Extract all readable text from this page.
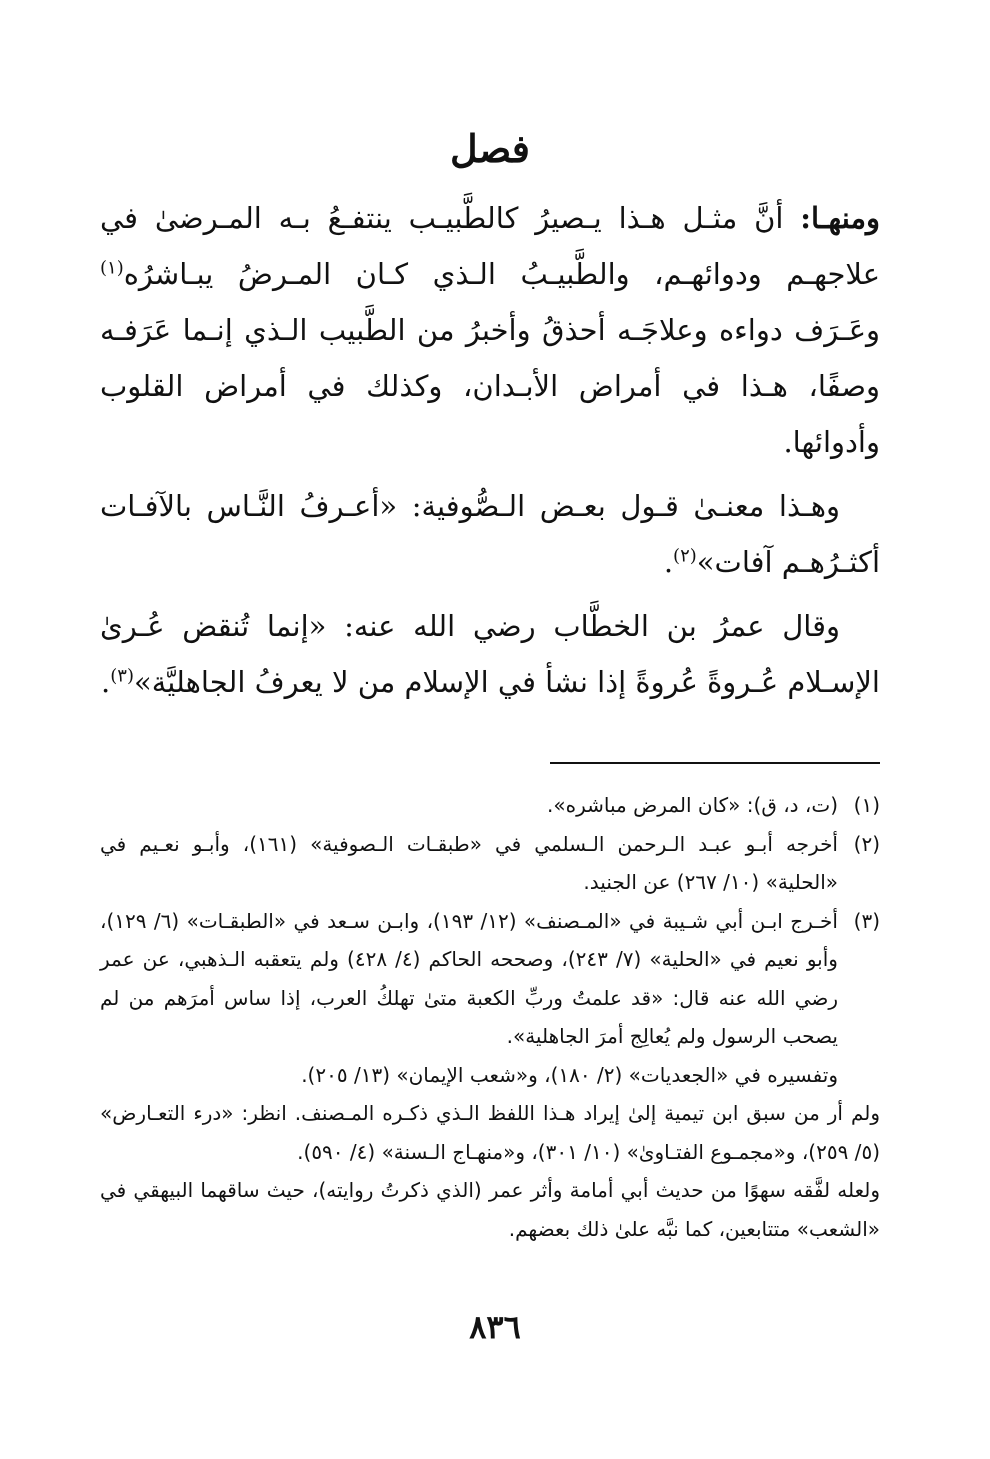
فصل

ومنهـا: أنَّ مثـل هـذا يـصيرُ كالطَّبيـب ينتفـعُ بـه المـرضىٰ في علاجهـم ودوائهـم، والطَّبيـبُ الـذي كـان المـرضُ يبـاشرُه$^{(١)}$ وعَـرَف دواءه وعلاجَـه أحذقُ وأخبرُ من الطَّبيب الـذي إنـما عَرَفـه وصفًا، هـذا في أمراض الأبـدان، وكذلك في أمراض القلوب وأدوائها.

وهـذا معنـىٰ قـول بعـض الـصُّوفية: «أعـرفُ النَّـاس بالآفـات أكثـرُهـم آفات»$^{(٢)}$.

وقال عمرُ بن الخطَّاب رضي الله عنه: «إنما تُنقض عُـرىٰ الإسـلام عُـروةً عُروةً إذا نشأ في الإسلام من لا يعرفُ الجاهليَّة»$^{(٣)}$.

(١)
(ت، د، ق): «كان المرض مباشره».
(٢)
أخرجه أبـو عبـد الـرحمن الـسلمي في «طبقـات الـصوفية» (١٦١)، وأبـو نعـيم في «الحلية» (١٠/ ٢٦٧) عن الجنيد.
(٣)
أخـرج ابـن أبي شـيبة في «المـصنف» (١٢/ ١٩٣)، وابـن سـعد في «الطبقـات» (٦/ ١٢٩)، وأبو نعيم في «الحلية» (٧/ ٢٤٣)، وصححه الحاكم (٤/ ٤٢٨) ولم يتعقبه الـذهبي، عن عمر رضي الله عنه قال: «قد علمتُ وربِّ الكعبة متىٰ تهلكُ العرب، إذا ساس أمرَهم من لم يصحب الرسول ولم يُعالِج أمرَ الجاهلية».
وتفسيره في «الجعديات» (٢/ ١٨٠)، و«شعب الإيمان» (١٣/ ٢٠٥).
ولم أر من سبق ابن تيمية إلىٰ إيراد هـذا اللفظ الـذي ذكـره المـصنف. انظر: «درء التعـارض» (٥/ ٢٥٩)، و«مجمـوع الفتـاوىٰ» (١٠/ ٣٠١)، و«منهـاج الـسنة» (٤/ ٥٩٠).
ولعله لفَّقه سهوًا من حديث أبي أمامة وأثر عمر (الذي ذكرتُ روايته)، حيث ساقهما البيهقي في «الشعب» متتابعين، كما نبَّه علىٰ ذلك بعضهم.
٨٣٦
